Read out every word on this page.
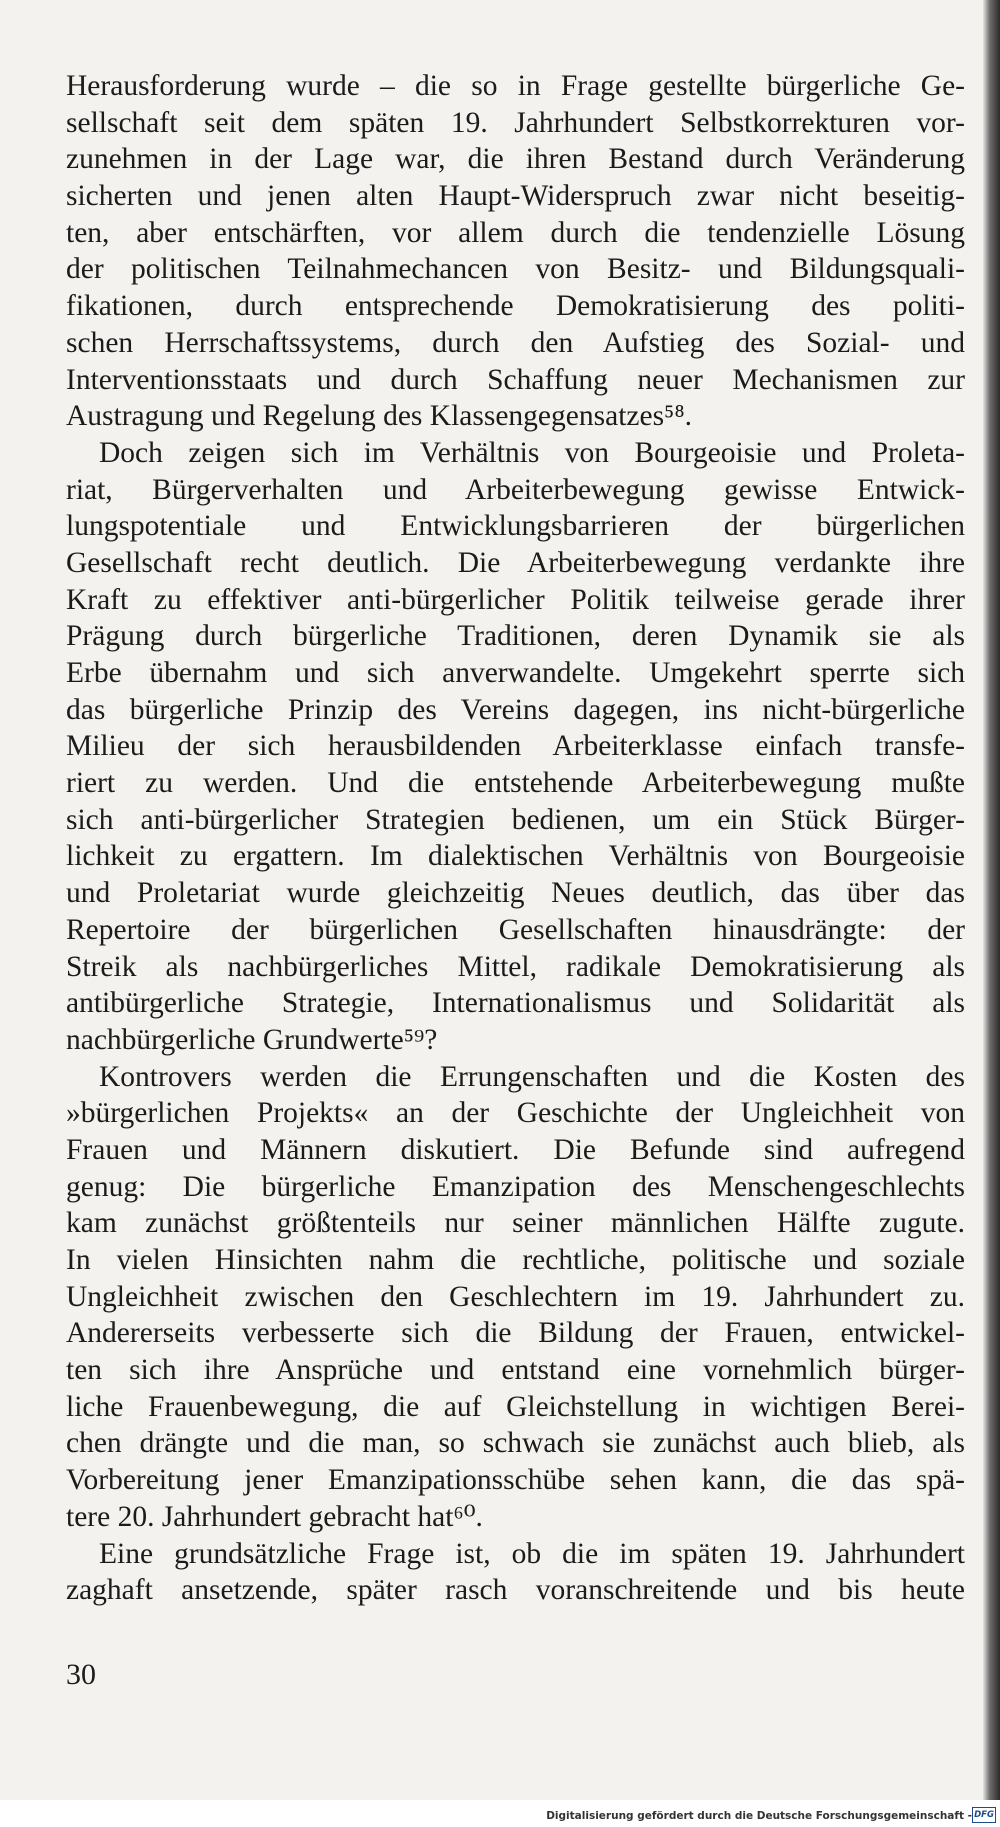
Herausforderung wurde – die so in Frage gestellte bürgerliche Ge-
sellschaft seit dem späten 19. Jahrhundert Selbstkorrekturen vor-
zunehmen in der Lage war, die ihren Bestand durch Veränderung
sicherten und jenen alten Haupt-Widerspruch zwar nicht beseitig-
ten, aber entschärften, vor allem durch die tendenzielle Lösung
der politischen Teilnahmechancen von Besitz- und Bildungsquali-
fikationen, durch entsprechende Demokratisierung des politi-
schen Herrschaftssystems, durch den Aufstieg des Sozial- und
Interventionsstaats und durch Schaffung neuer Mechanismen zur
Austragung und Regelung des Klassengegensatzes⁵⁸.
Doch zeigen sich im Verhältnis von Bourgeoisie und Proleta-
riat, Bürgerverhalten und Arbeiterbewegung gewisse Entwick-
lungspotentiale und Entwicklungsbarrieren der bürgerlichen
Gesellschaft recht deutlich. Die Arbeiterbewegung verdankte ihre
Kraft zu effektiver anti-bürgerlicher Politik teilweise gerade ihrer
Prägung durch bürgerliche Traditionen, deren Dynamik sie als
Erbe übernahm und sich anverwandelte. Umgekehrt sperrte sich
das bürgerliche Prinzip des Vereins dagegen, ins nicht-bürgerliche
Milieu der sich herausbildenden Arbeiterklasse einfach transfe-
riert zu werden. Und die entstehende Arbeiterbewegung mußte
sich anti-bürgerlicher Strategien bedienen, um ein Stück Bürger-
lichkeit zu ergattern. Im dialektischen Verhältnis von Bourgeoisie
und Proletariat wurde gleichzeitig Neues deutlich, das über das
Repertoire der bürgerlichen Gesellschaften hinausdrängte: der
Streik als nachbürgerliches Mittel, radikale Demokratisierung als
antibürgerliche Strategie, Internationalismus und Solidarität als
nachbürgerliche Grundwerte⁵⁹?
Kontrovers werden die Errungenschaften und die Kosten des
»bürgerlichen Projekts« an der Geschichte der Ungleichheit von
Frauen und Männern diskutiert. Die Befunde sind aufregend
genug: Die bürgerliche Emanzipation des Menschengeschlechts
kam zunächst größtenteils nur seiner männlichen Hälfte zugute.
In vielen Hinsichten nahm die rechtliche, politische und soziale
Ungleichheit zwischen den Geschlechtern im 19. Jahrhundert zu.
Andererseits verbesserte sich die Bildung der Frauen, entwickel-
ten sich ihre Ansprüche und entstand eine vornehmlich bürger-
liche Frauenbewegung, die auf Gleichstellung in wichtigen Berei-
chen drängte und die man, so schwach sie zunächst auch blieb, als
Vorbereitung jener Emanzipationsschübe sehen kann, die das spä-
tere 20. Jahrhundert gebracht hat⁶⁰.
Eine grundsätzliche Frage ist, ob die im späten 19. Jahrhundert
zaghaft ansetzende, später rasch voranschreitende und bis heute
30
Digitalisierung gefördert durch die Deutsche Forschungsgemeinschaft - DFG
